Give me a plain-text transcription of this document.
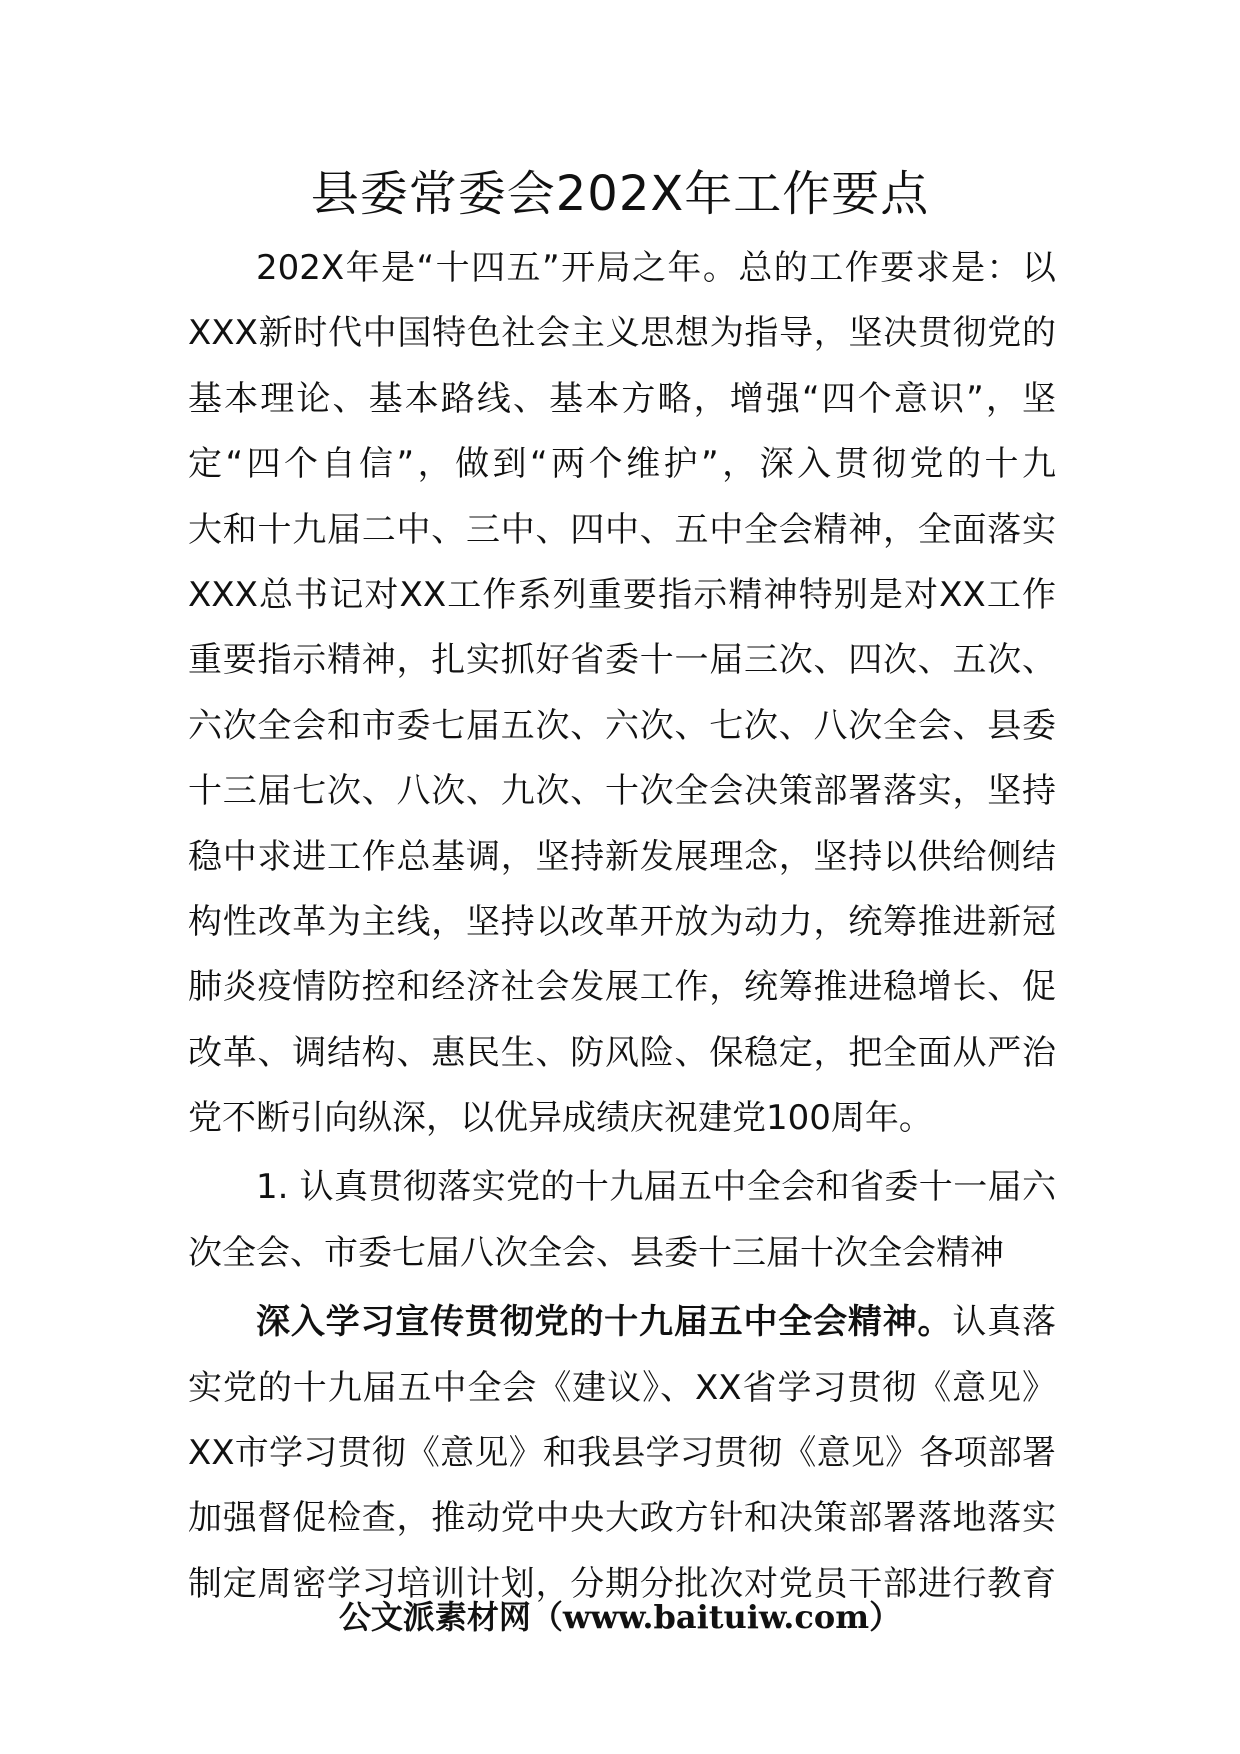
县委常委会202X年工作要点
202X年是“十四五”开局之年。总的工作要求是：以
XXX新时代中国特色社会主义思想为指导，坚决贯彻党的
基本理论、基本路线、基本方略，增强“四个意识”，坚
定“四个自信”，做到“两个维护”，深入贯彻党的十九
大和十九届二中、三中、四中、五中全会精神，全面落实
XXX总书记对XX工作系列重要指示精神特别是对XX工作
重要指示精神，扎实抓好省委十一届三次、四次、五次、
六次全会和市委七届五次、六次、七次、八次全会、县委
十三届七次、八次、九次、十次全会决策部署落实，坚持
稳中求进工作总基调，坚持新发展理念，坚持以供给侧结
构性改革为主线，坚持以改革开放为动力，统筹推进新冠
肺炎疫情防控和经济社会发展工作，统筹推进稳增长、促
改革、调结构、惠民生、防风险、保稳定，把全面从严治
党不断引向纵深，以优异成绩庆祝建党100周年。
1. 认真贯彻落实党的十九届五中全会和省委十一届六
次全会、市委七届八次全会、县委十三届十次全会精神
深入学习宣传贯彻党的十九届五中全会精神。认真落
实党的十九届五中全会《建议》、XX省学习贯彻《意见》
XX市学习贯彻《意见》和我县学习贯彻《意见》各项部署
加强督促检查，推动党中央大政方针和决策部署落地落实
制定周密学习培训计划，分期分批次对党员干部进行教育

公文派素材网（www.baituiw.com）
